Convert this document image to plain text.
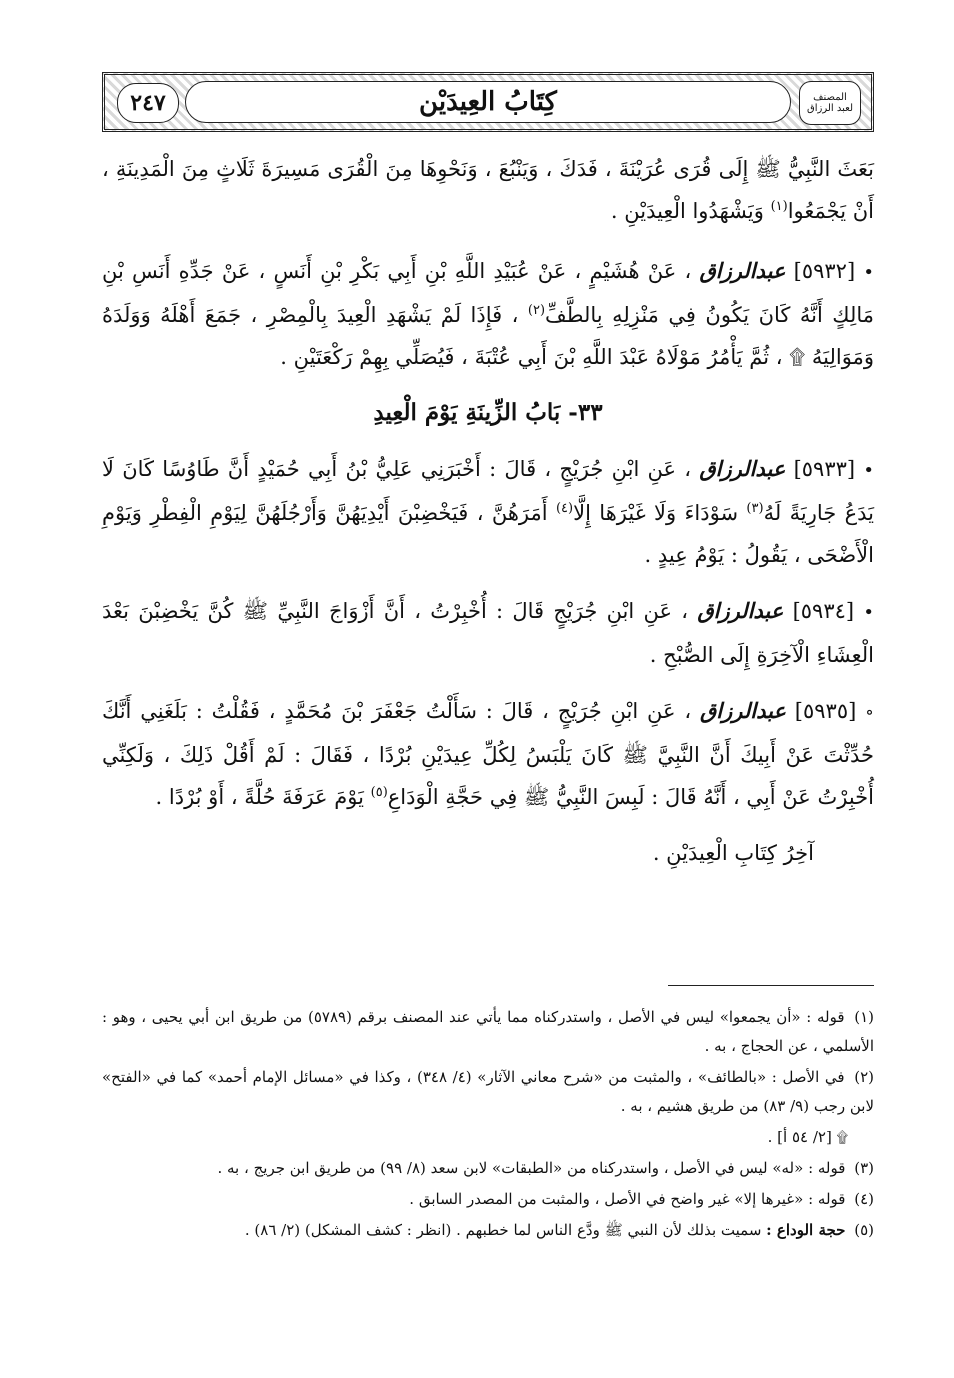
٢٤٧	كِتَابُ العِيدَيْن	المصنف
لعبد الرزاق

بَعَثَ النَّبِيُّ ﷺ إِلَى قُرَى عُرَيْنَةَ ، فَدَكَ ، وَيَنْبُعَ ، وَنَحْوِهَا مِنَ الْقُرَى مَسِيرَةَ ثَلَاثٍ مِنَ الْمَدِينَةِ ، أَنْ يَجْمَعُوا$^{(١)}$ وَيَشْهَدُوا الْعِيدَيْنِ .

• [٥٩٣٢] عبدالرزاق ، عَنْ هُشَيْمٍ ، عَنْ عُبَيْدِ اللَّهِ بْنِ أَبِي بَكْرِ بْنِ أَنَسٍ ، عَنْ جَدِّهِ أَنَسِ بْنِ مَالِكٍ أَنَّهُ كَانَ يَكُونُ فِي مَنْزِلِهِ بِالطَّفِّ$^{(٢)}$ ، فَإِذَا لَمْ يَشْهَدِ الْعِيدَ بِالْمِصْرِ ، جَمَعَ أَهْلَهُ وَوَلَدَهُ وَمَوَالِيَهُ ۩ ، ثُمَّ يَأْمُرُ مَوْلَاهُ عَبْدَ اللَّهِ بْنَ أَبِي عُتْبَةَ ، فَيُصَلِّي بِهِمْ رَكْعَتَيْنِ .

٣٣- بَابُ الزِّينَةِ يَوْمَ الْعِيدِ

• [٥٩٣٣] عبدالرزاق ، عَنِ ابْنِ جُرَيْجٍ ، قَالَ : أَخْبَرَنِي عَلِيُّ بْنُ أَبِي حُمَيْدٍ أَنَّ طَاوُسًا كَانَ لَا يَدَعُ جَارِيَةً لَهُ$^{(٣)}$ سَوْدَاءَ وَلَا غَيْرَهَا إِلَّا$^{(٤)}$ أَمَرَهُنَّ ، فَيَخْضِبْنَ أَيْدِيَهُنَّ وَأَرْجُلَهُنَّ لِيَوْمِ الْفِطْرِ وَيَوْمِ الْأَضْحَى ، يَقُولُ : يَوْمُ عِيدٍ .

• [٥٩٣٤] عبدالرزاق ، عَنِ ابْنِ جُرَيْجٍ قَالَ : أُخْبِرْتُ ، أَنَّ أَزْوَاجَ النَّبِيِّ ﷺ كُنَّ يَخْضِبْنَ بَعْدَ الْعِشَاءِ الْآخِرَةِ إِلَى الصُّبْحِ .

∘ [٥٩٣٥] عبدالرزاق ، عَنِ ابْنِ جُرَيْجٍ ، قَالَ : سَأَلْتُ جَعْفَرَ بْنَ مُحَمَّدٍ ، فَقُلْتُ : بَلَغَنِي أَنَّكَ حُدِّثْتَ عَنْ أَبِيكَ أَنَّ النَّبِيَّ ﷺ كَانَ يَلْبَسُ لِكُلِّ عِيدَيْنِ بُرْدًا ، فَقَالَ : لَمْ أَقُلْ ذَلِكَ ، وَلَكِنِّي أُخْبِرْتُ عَنْ أَبِي ، أَنَّهُ قَالَ : لَبِسَ النَّبِيُّ ﷺ فِي حَجَّةِ الْوَدَاعِ$^{(٥)}$ يَوْمَ عَرَفَةَ حُلَّةً ، أَوْ بُرْدًا .

آخِرُ كِتَابِ الْعِيدَيْنِ .

(١) قوله : «أن يجمعوا» ليس في الأصل ، واستدركناه مما يأتي عند المصنف برقم (٥٧٨٩) من طريق ابن أبي يحيى ، وهو : الأسلمي ، عن الحجاج ، به .

(٢) في الأصل : «بالطائف» ، والمثبت من «شرح معاني الآثار» (٤/ ٣٤٨) ، وكذا في «مسائل الإمام أحمد» كما في «الفتح» لابن رجب (٩/ ٨٣) من طريق هشيم ، به .

۩ [٢/ ٥٤ أ] .

(٣) قوله : «له» ليس في الأصل ، واستدركناه من «الطبقات» لابن سعد (٨/ ٩٩) من طريق ابن جريج ، به .

(٤) قوله : «غيرها إلا» غير واضح في الأصل ، والمثبت من المصدر السابق .

(٥) حجة الوداع : سميت بذلك لأن النبي ﷺ ودَّع الناس لما خطبهم . (انظر : كشف المشكل) (٢/ ٨٦) .
